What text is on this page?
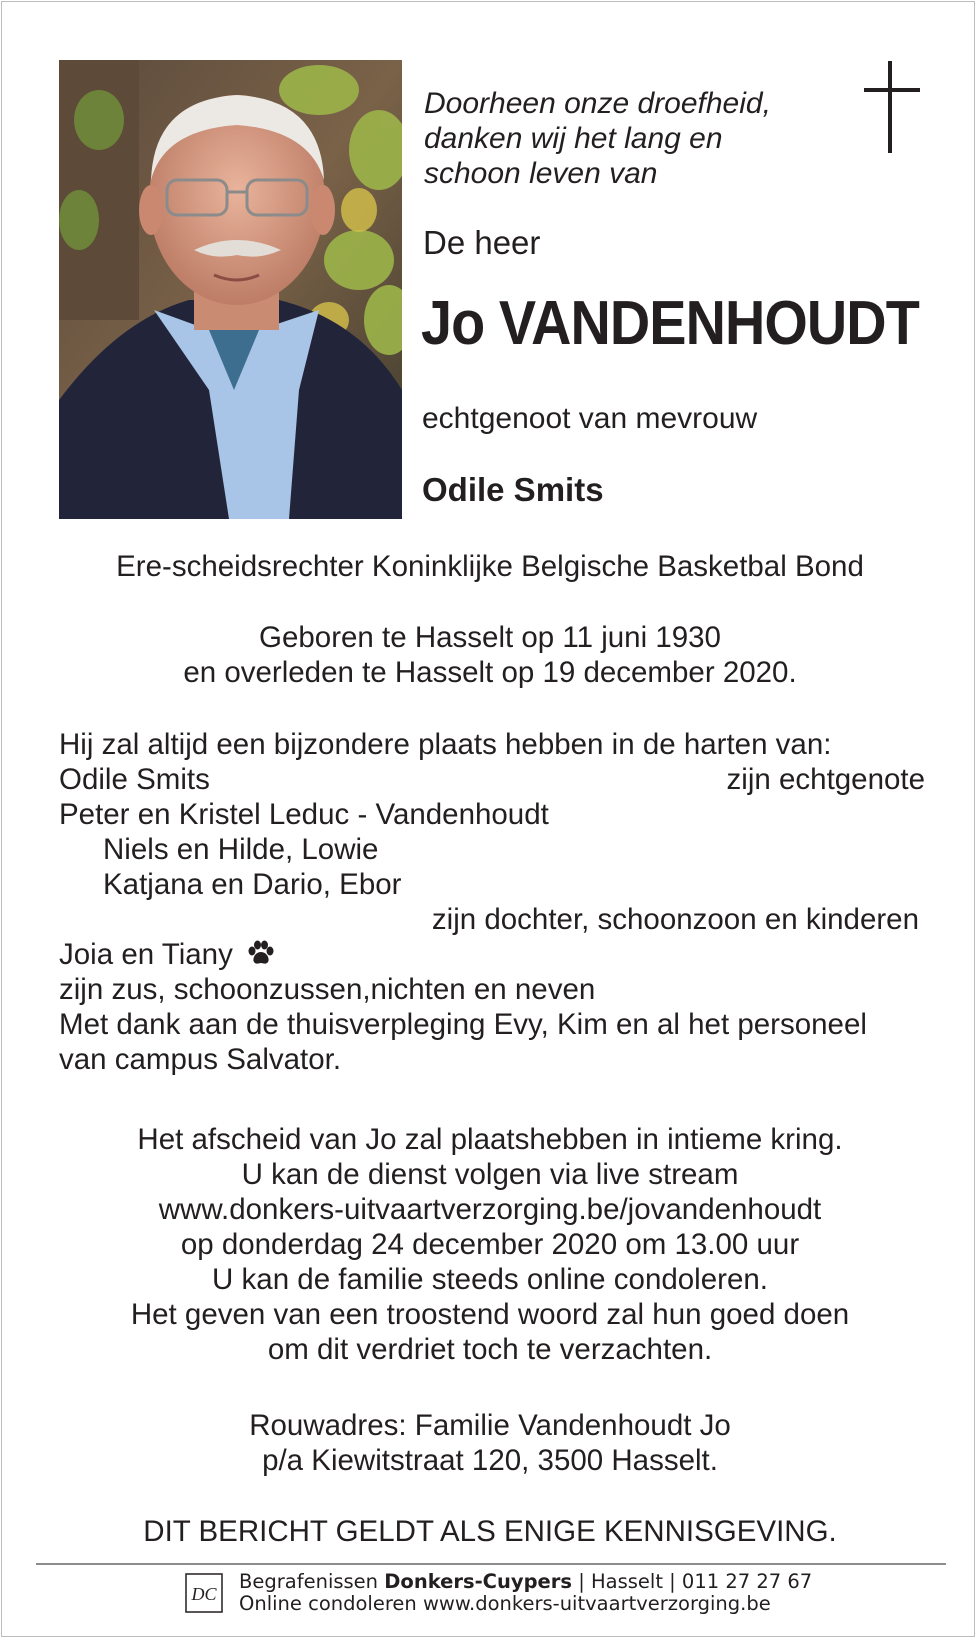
Doorheen onze droefheid,
danken wij het lang en
schoon leven van
De heer
Jo VANDENHOUDT
echtgenoot van mevrouw
Odile Smits
Ere-scheidsrechter Koninklijke Belgische Basketbal Bond
Geboren te Hasselt op 11 juni 1930
en overleden te Hasselt op 19 december 2020.
Hij zal altijd een bijzondere plaats hebben in de harten van:
Odile Smits	zijn echtgenote
Peter en Kristel Leduc - Vandenhoudt
Niels en Hilde, Lowie
Katjana en Dario, Ebor
zijn dochter, schoonzoon en kinderen
Joia en Tiany
zijn zus, schoonzussen,nichten en neven
Met dank aan de thuisverpleging Evy, Kim en al het personeel
van campus Salvator.
Het afscheid van Jo zal plaatshebben in intieme kring.
U kan de dienst volgen via live stream
www.donkers-uitvaartverzorging.be/jovandenhoudt
op donderdag 24 december 2020 om 13.00 uur
U kan de familie steeds online condoleren.
Het geven van een troostend woord zal hun goed doen
om dit verdriet toch te verzachten.
Rouwadres: Familie Vandenhoudt Jo
p/a Kiewitstraat 120, 3500 Hasselt.
DIT BERICHT GELDT ALS ENIGE KENNISGEVING.
DC
Begrafenissen Donkers-Cuypers | Hasselt | 011 27 27 67
Online condoleren www.donkers-uitvaartverzorging.be
